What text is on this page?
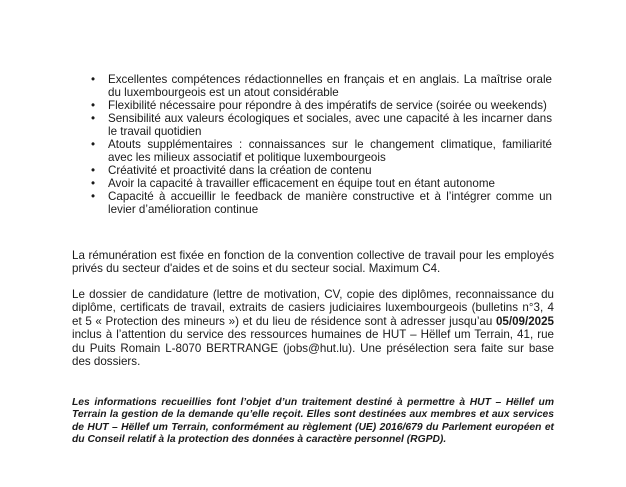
• Excellentes compétences rédactionnelles en français et en anglais. La maîtrise orale du luxembourgeois est un atout considérable
• Flexibilité nécessaire pour répondre à des impératifs de service (soirée ou weekends)
• Sensibilité aux valeurs écologiques et sociales, avec une capacité à les incarner dans le travail quotidien
• Atouts supplémentaires : connaissances sur le changement climatique, familiarité avec les milieux associatif et politique luxembourgeois
• Créativité et proactivité dans la création de contenu
• Avoir la capacité à travailler efficacement en équipe tout en étant autonome
• Capacité à accueillir le feedback de manière constructive et à l’intégrer comme un levier d’amélioration continue

La rémunération est fixée en fonction de la convention collective de travail pour les employés privés du secteur d'aides et de soins et du secteur social. Maximum C4.

Le dossier de candidature (lettre de motivation, CV, copie des diplômes, reconnaissance du diplôme, certificats de travail, extraits de casiers judiciaires luxembourgeois (bulletins n°3, 4 et 5 « Protection des mineurs ») et du lieu de résidence sont à adresser jusqu’au 05/09/2025 inclus à l’attention du service des ressources humaines de HUT – Hëllef um Terrain, 41, rue du Puits Romain L-8070 BERTRANGE (jobs@hut.lu). Une présélection sera faite sur base des dossiers.

Les informations recueillies font l’objet d’un traitement destiné à permettre à HUT – Hëllef um Terrain la gestion de la demande qu’elle reçoit. Elles sont destinées aux membres et aux services de HUT – Hëllef um Terrain, conformément au règlement (UE) 2016/679 du Parlement européen et du Conseil relatif à la protection des données à caractère personnel (RGPD).
